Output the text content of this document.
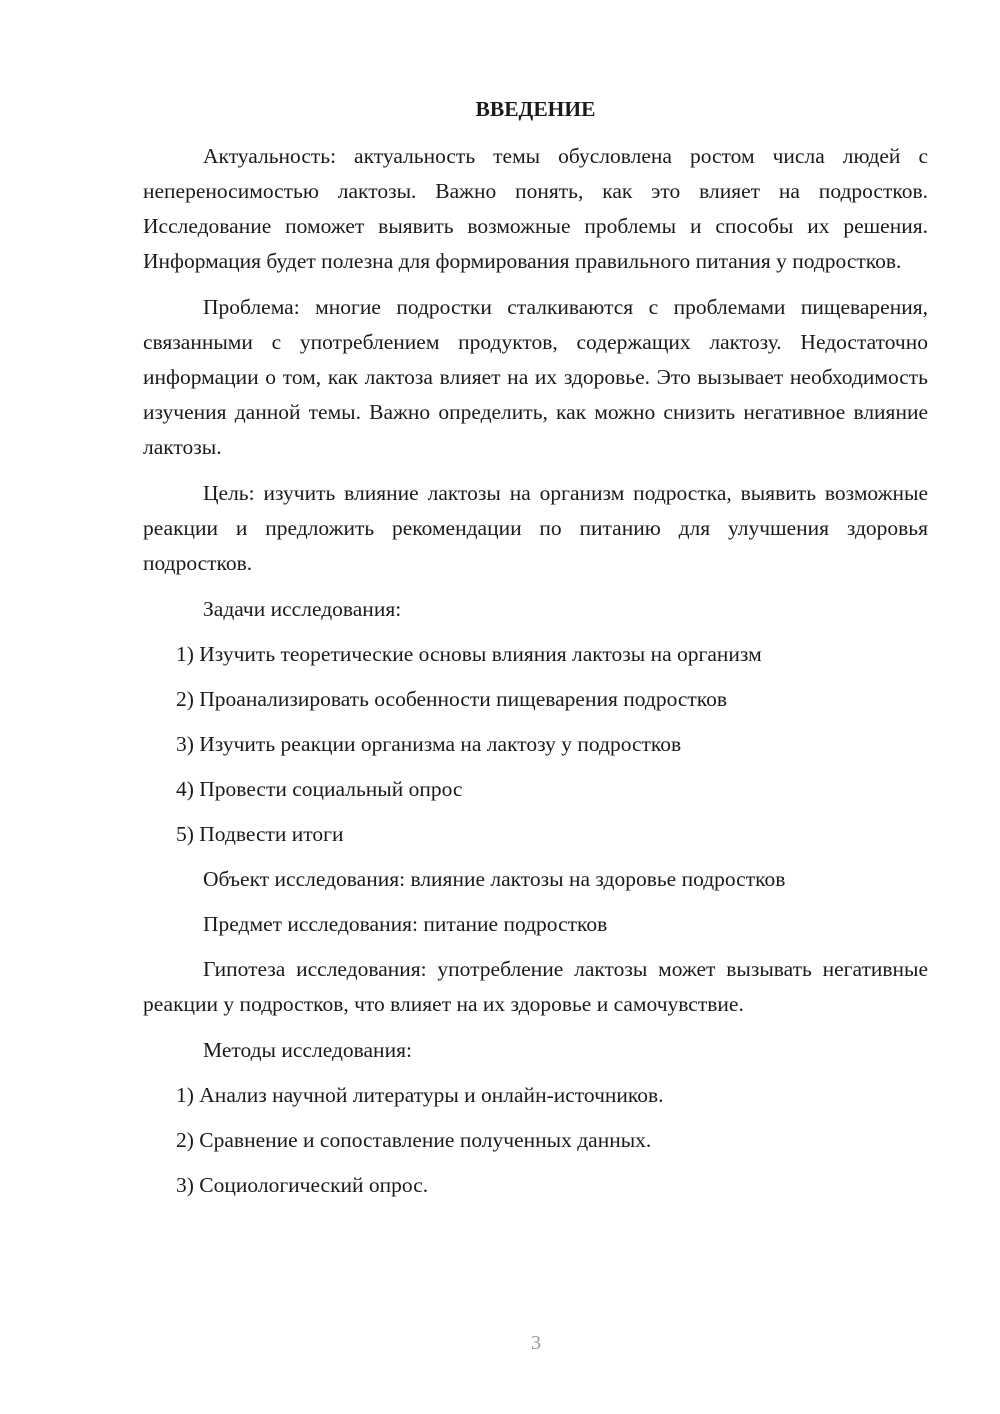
ВВЕДЕНИЕ

Актуальность: актуальность темы обусловлена ростом числа людей с непереносимостью лактозы. Важно понять, как это влияет на подростков. Исследование поможет выявить возможные проблемы и способы их решения. Информация будет полезна для формирования правильного питания у подростков.

Проблема: многие подростки сталкиваются с проблемами пищеварения, связанными с употреблением продуктов, содержащих лактозу. Недостаточно информации о том, как лактоза влияет на их здоровье. Это вызывает необходимость изучения данной темы. Важно определить, как можно снизить негативное влияние лактозы.

Цель: изучить влияние лактозы на организм подростка, выявить возможные реакции и предложить рекомендации по питанию для улучшения здоровья подростков.

Задачи исследования:
1) Изучить теоретические основы влияния лактозы на организм
2) Проанализировать особенности пищеварения подростков
3) Изучить реакции организма на лактозу у подростков
4) Провести социальный опрос
5) Подвести итоги
Объект исследования: влияние лактозы на здоровье подростков
Предмет исследования: питание подростков

Гипотеза исследования: употребление лактозы может вызывать негативные реакции у подростков, что влияет на их здоровье и самочувствие.

Методы исследования:
1) Анализ научной литературы и онлайн-источников.
2) Сравнение и сопоставление полученных данных.
3) Социологический опрос.
3
